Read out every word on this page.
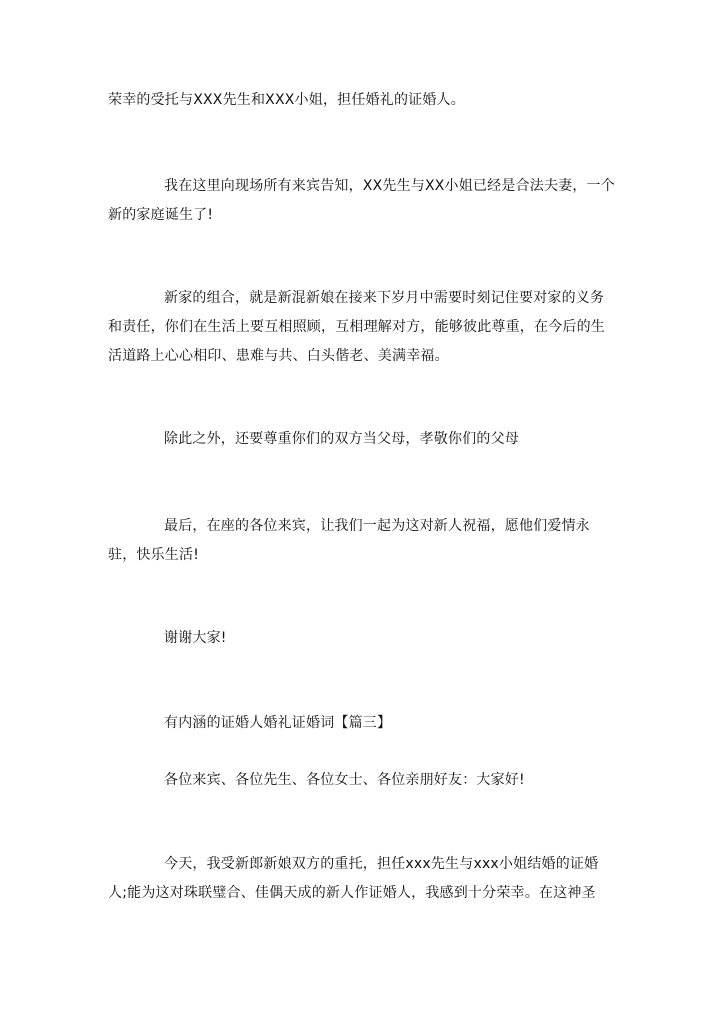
荣幸的受托与XXX先生和XXX小姐，担任婚礼的证婚人。

我在这里向现场所有来宾告知，XX先生与XX小姐已经是合法夫妻，一个新的家庭诞生了!

新家的组合，就是新混新娘在接来下岁月中需要时刻记住要对家的义务和责任，你们在生活上要互相照顾，互相理解对方，能够彼此尊重，在今后的生活道路上心心相印、患难与共、白头偕老、美满幸福。

除此之外，还要尊重你们的双方当父母，孝敬你们的父母

最后，在座的各位来宾，让我们一起为这对新人祝福，愿他们爱情永驻，快乐生活!

谢谢大家!

有内涵的证婚人婚礼证婚词【篇三】

各位来宾、各位先生、各位女士、各位亲朋好友：大家好!

今天，我受新郎新娘双方的重托，担任xxx先生与xxx小姐结婚的证婚人;能为这对珠联璧合、佳偶天成的新人作证婚人，我感到十分荣幸。在这神圣
